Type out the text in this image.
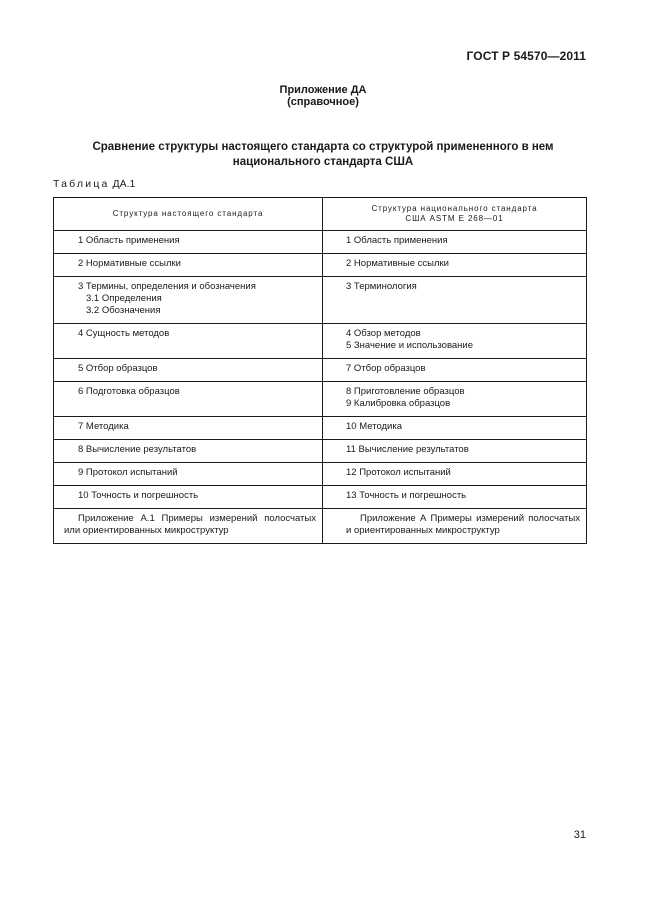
ГОСТ Р 54570—2011
Приложение ДА
(справочное)
Сравнение структуры настоящего стандарта со структурой примененного в нем
национального стандарта США
Таблица ДА.1
Структура настоящего стандарта	Структура национального стандарта
США ASTM E 268—01

1 Область применения	1 Область применения

2 Нормативные ссылки	2 Нормативные ссылки

3 Термины, определения и обозначения
3.1 Определения
3.2 Обозначения	3 Терминология

4 Сущность методов	4 Обзор методов
5 Значение и использование

5 Отбор образцов	7 Отбор образцов

6 Подготовка образцов	8 Приготовление образцов
9 Калибровка образцов

7 Методика	10 Методика

8 Вычисление результатов	11 Вычисление результатов

9 Протокол испытаний	12 Протокол испытаний

10 Точность и погрешность	13 Точность и погрешность

Приложение А.1 Примеры измерений полосчатых или ориентированных микроструктур	Приложение А Примеры измерений полосчатых и ориентированных микроструктур
31
